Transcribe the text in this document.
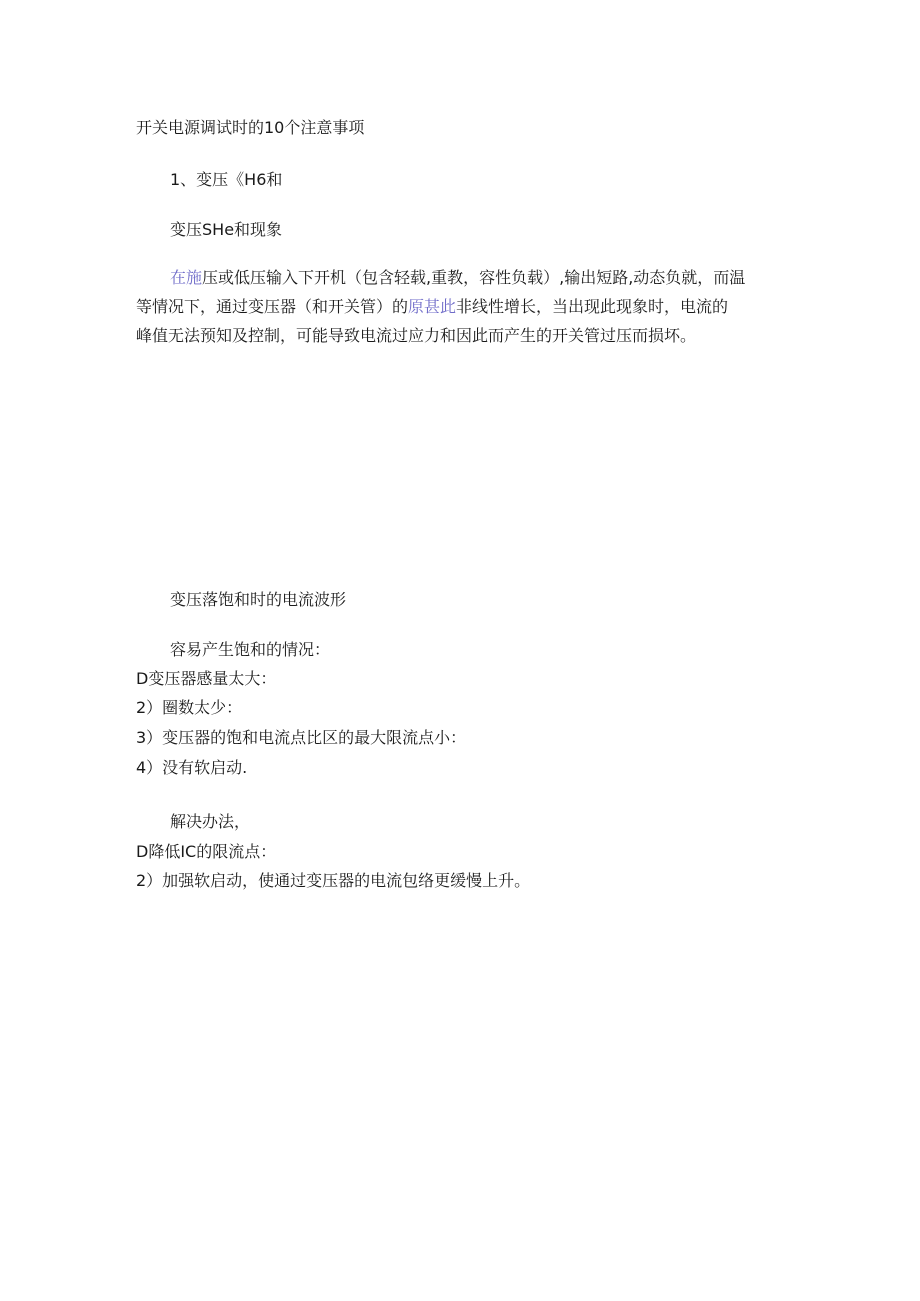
开关电源调试时的10个注意事项
1、变压《H6和
变压SHe和现象
在施压或低压输入下开机（包含轻载,重教，容性负载）,输出短路,动态负就，而温
等情况下，通过变压器（和开关管）的原甚此非线性增长，当出现此现象时，电流的
峰值无法预知及控制，可能导致电流过应力和因此而产生的开关管过压而损坏。
变压落饱和时的电流波形
容易产生饱和的情况：
D变压器感量太大：
2）圈数太少：
3）变压器的饱和电流点比区的最大限流点小：
4）没有软启动.
解决办法，
D降低IC的限流点：
2）加强软启动，使通过变压器的电流包络更缓慢上升。
